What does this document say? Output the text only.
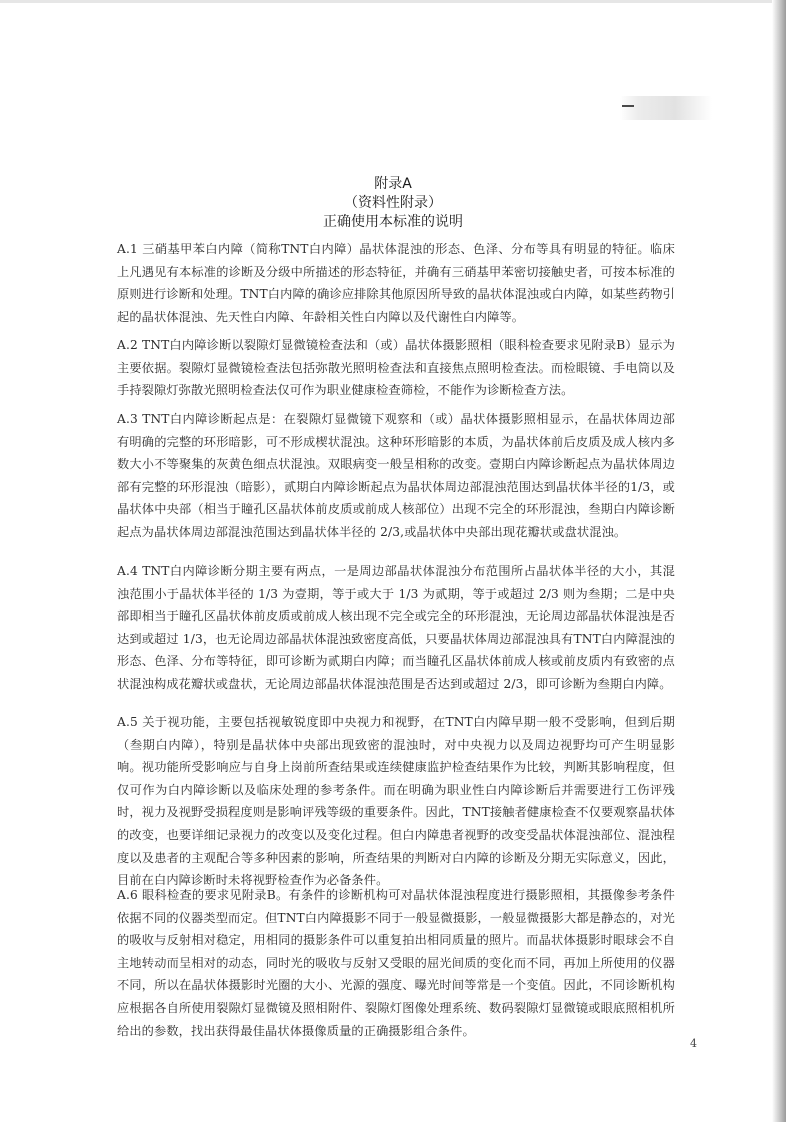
附录A
（资料性附录）
正确使用本标准的说明
A.1 三硝基甲苯白内障（简称TNT白内障）晶状体混浊的形态、色泽、分布等具有明显的特征。临床上凡遇见有本标准的诊断及分级中所描述的形态特征，并确有三硝基甲苯密切接触史者，可按本标准的原则进行诊断和处理。TNT白内障的确诊应排除其他原因所导致的晶状体混浊或白内障，如某些药物引起的晶状体混浊、先天性白内障、年龄相关性白内障以及代谢性白内障等。
A.2 TNT白内障诊断以裂隙灯显微镜检查法和（或）晶状体摄影照相（眼科检查要求见附录B）显示为主要依据。裂隙灯显微镜检查法包括弥散光照明检查法和直接焦点照明检查法。而检眼镜、手电筒以及手持裂隙灯弥散光照明检查法仅可作为职业健康检查筛检，不能作为诊断检查方法。
A.3 TNT白内障诊断起点是：在裂隙灯显微镜下观察和（或）晶状体摄影照相显示，在晶状体周边部有明确的完整的环形暗影，可不形成楔状混浊。这种环形暗影的本质，为晶状体前后皮质及成人核内多数大小不等聚集的灰黄色细点状混浊。双眼病变一般呈相称的改变。壹期白内障诊断起点为晶状体周边部有完整的环形混浊（暗影），贰期白内障诊断起点为晶状体周边部混浊范围达到晶状体半径的1/3，或晶状体中央部（相当于瞳孔区晶状体前皮质或前成人核部位）出现不完全的环形混浊，叁期白内障诊断起点为晶状体周边部混浊范围达到晶状体半径的 2/3,或晶状体中央部出现花瓣状或盘状混浊。
A.4 TNT白内障诊断分期主要有两点，一是周边部晶状体混浊分布范围所占晶状体半径的大小，其混浊范围小于晶状体半径的 1/3 为壹期，等于或大于 1/3 为贰期，等于或超过 2/3 则为叁期；二是中央部即相当于瞳孔区晶状体前皮质或前成人核出现不完全或完全的环形混浊，无论周边部晶状体混浊是否达到或超过 1/3，也无论周边部晶状体混浊致密度高低，只要晶状体周边部混浊具有TNT白内障混浊的形态、色泽、分布等特征，即可诊断为贰期白内障；而当瞳孔区晶状体前成人核或前皮质内有致密的点状混浊构成花瓣状或盘状，无论周边部晶状体混浊范围是否达到或超过 2/3，即可诊断为叁期白内障。
A.5 关于视功能，主要包括视敏锐度即中央视力和视野，在TNT白内障早期一般不受影响，但到后期（叁期白内障），特别是晶状体中央部出现致密的混浊时，对中央视力以及周边视野均可产生明显影响。视功能所受影响应与自身上岗前所查结果或连续健康监护检查结果作为比较，判断其影响程度，但仅可作为白内障诊断以及临床处理的参考条件。而在明确为职业性白内障诊断后并需要进行工伤评残时，视力及视野受损程度则是影响评残等级的重要条件。因此，TNT接触者健康检查不仅要观察晶状体的改变，也要详细记录视力的改变以及变化过程。但白内障患者视野的改变受晶状体混浊部位、混浊程度以及患者的主观配合等多种因素的影响，所查结果的判断对白内障的诊断及分期无实际意义，因此，目前在白内障诊断时未将视野检查作为必备条件。
A.6 眼科检查的要求见附录B。有条件的诊断机构可对晶状体混浊程度进行摄影照相，其摄像参考条件依据不同的仪器类型而定。但TNT白内障摄影不同于一般显微摄影，一般显微摄影大都是静态的，对光的吸收与反射相对稳定，用相同的摄影条件可以重复拍出相同质量的照片。而晶状体摄影时眼球会不自主地转动而呈相对的动态，同时光的吸收与反射又受眼的屈光间质的变化而不同，再加上所使用的仪器不同，所以在晶状体摄影时光圈的大小、光源的强度、曝光时间等常是一个变值。因此，不同诊断机构应根据各自所使用裂隙灯显微镜及照相附件、裂隙灯图像处理系统、数码裂隙灯显微镜或眼底照相机所给出的参数，找出获得最佳晶状体摄像质量的正确摄影组合条件。
4
